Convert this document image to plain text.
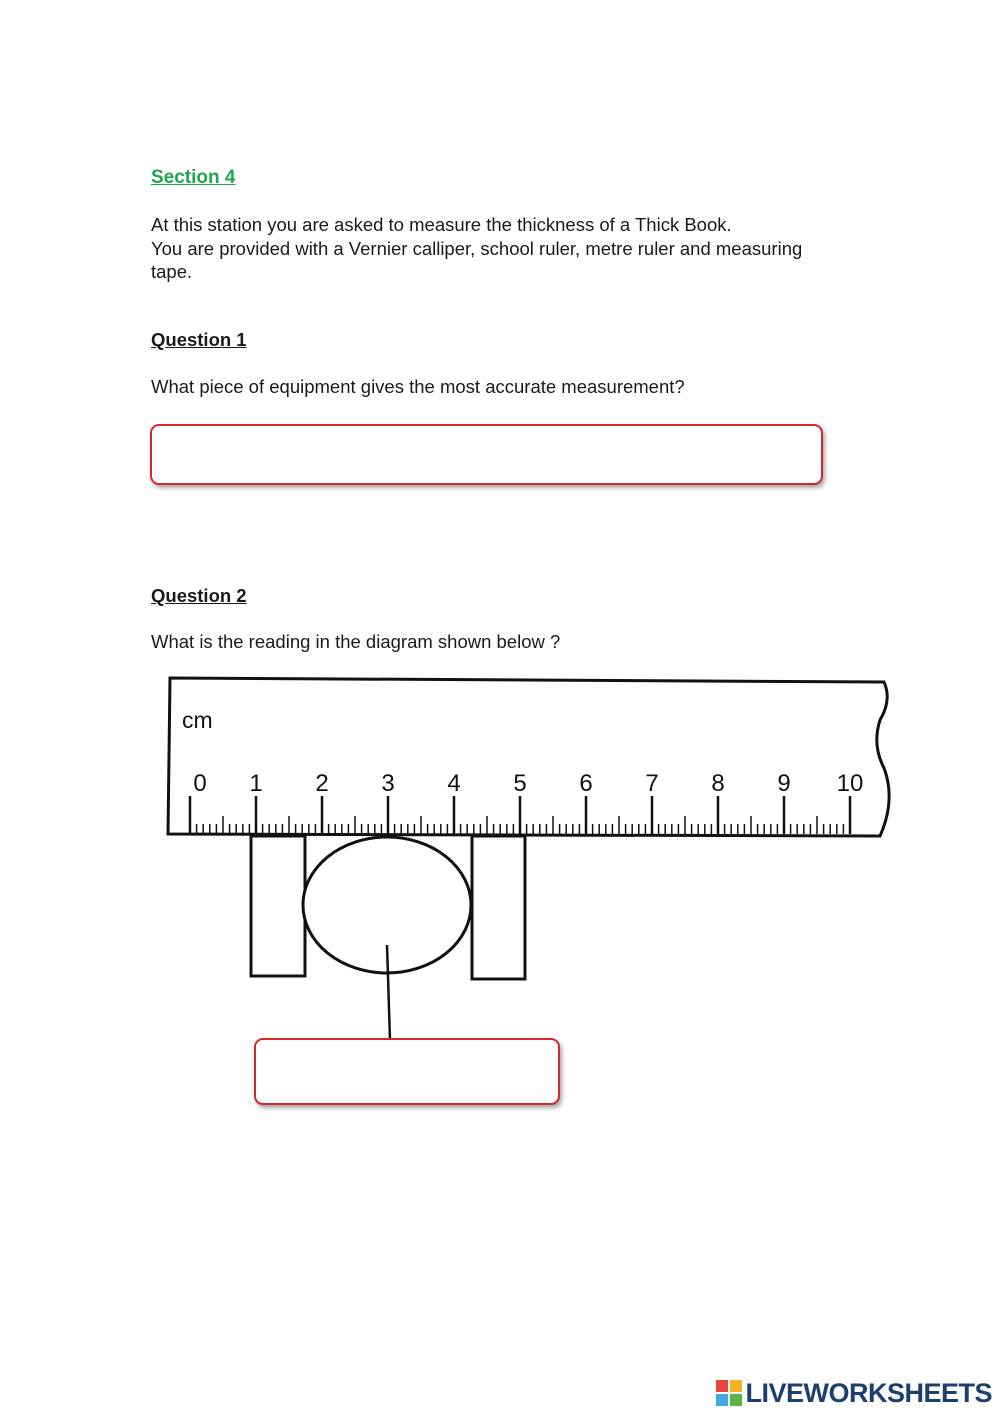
Section 4
At this station you are asked to measure the thickness of a Thick Book.
You are provided with a Vernier calliper, school ruler, metre ruler and measuring
tape.
Question 1
What piece of equipment gives the most accurate measurement?
Question 2
What is the reading in the diagram shown below ?
cm
0 1 2 3 4 5 6 7 8 9 10
LIVEWORKSHEETS
